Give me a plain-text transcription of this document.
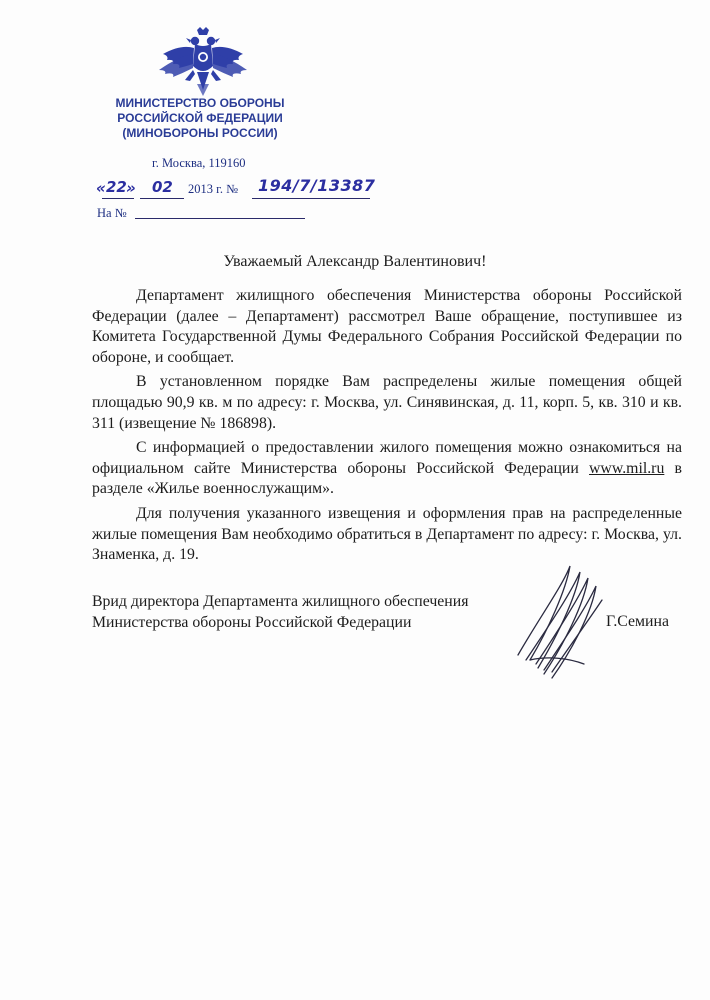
МИНИСТЕРСТВО ОБОРОНЫ
РОССИЙСКОЙ ФЕДЕРАЦИИ
(МИНОБОРОНЫ РОССИИ)
г. Москва, 119160
« 22 » 02 2013 г. № 194/7/13387
На №
Уважаемый Александр Валентинович!

Департамент жилищного обеспечения Министерства обороны Российской Федерации (далее – Департамент) рассмотрел Ваше обращение, поступившее из Комитета Государственной Думы Федерального Собрания Российской Федерации по обороне, и сообщает.

В установленном порядке Вам распределены жилые помещения общей площадью 90,9 кв. м по адресу: г. Москва, ул. Синявинская, д. 11, корп. 5, кв. 310 и кв. 311 (извещение № 186898).

С информацией о предоставлении жилого помещения можно ознакомиться на официальном сайте Министерства обороны Российской Федерации www.mil.ru в разделе «Жилье военнослужащим».

Для получения указанного извещения и оформления прав на распределенные жилые помещения Вам необходимо обратиться в Департамент по адресу: г. Москва, ул. Знаменка, д. 19.

Врид директора Департамента жилищного обеспечения
Министерства обороны Российской Федерации	Г.Семина
